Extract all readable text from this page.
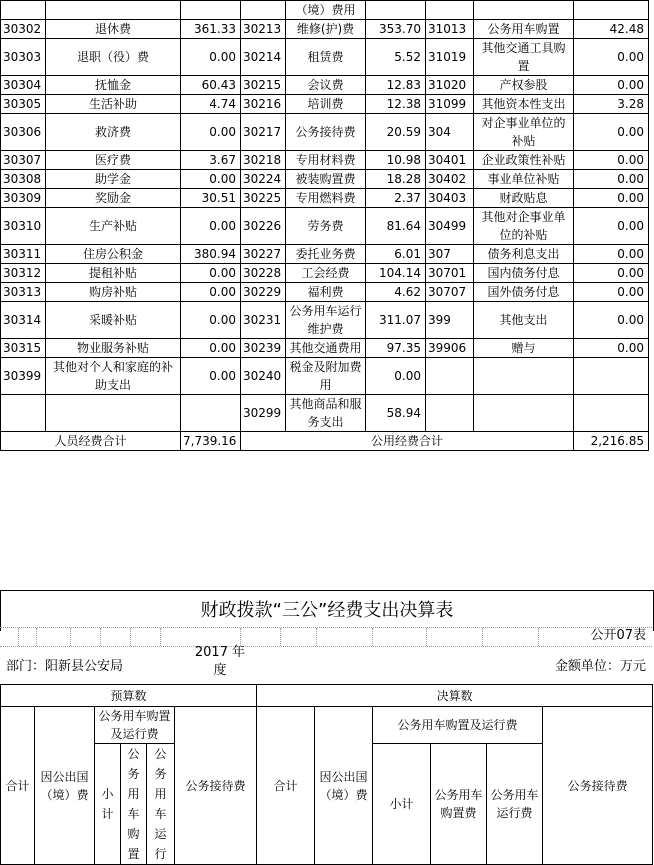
				（境）费用				
30302	退休费	361.33	30213	维修(护)费	353.70	31013	公务用车购置	42.48
30303	退职（役）费	0.00	30214	租赁费	5.52	31019	其他交通工具购置	0.00
30304	抚恤金	60.43	30215	会议费	12.83	31020	产权参股	0.00
30305	生活补助	4.74	30216	培训费	12.38	31099	其他资本性支出	3.28
30306	救济费	0.00	30217	公务接待费	20.59	304	对企事业单位的补贴	0.00
30307	医疗费	3.67	30218	专用材料费	10.98	30401	企业政策性补贴	0.00
30308	助学金	0.00	30224	被装购置费	18.28	30402	事业单位补贴	0.00
30309	奖励金	30.51	30225	专用燃料费	2.37	30403	财政贴息	0.00
30310	生产补贴	0.00	30226	劳务费	81.64	30499	其他对企事业单位的补贴	0.00
30311	住房公积金	380.94	30227	委托业务费	6.01	307	债务利息支出	0.00
30312	提租补贴	0.00	30228	工会经费	104.14	30701	国内债务付息	0.00
30313	购房补贴	0.00	30229	福利费	4.62	30707	国外债务付息	0.00
30314	采暖补贴	0.00	30231	公务用车运行维护费	311.07	399	其他支出	0.00
30315	物业服务补贴	0.00	30239	其他交通费用	97.35	39906	赠与	0.00
30399	其他对个人和家庭的补助支出	0.00	30240	税金及附加费用	0.00			
			30299	其他商品和服务支出	58.94			
人员经费合计		7,739.16	公用经费合计					2,216.85
财政拨款“三公”经费支出决算表
公开07表
部门：阳新县公安局
2017 年度	金额单位：万元
预算数						决算数					
合计	因公出国（境）费	公务用车购置及运行费			公务接待费	合计	因公出国（境）费	公务用车购置及运行费			公务接待费
		小计	公务用车购置	公务用车运行				小计	公务用车购置费	公务用车运行费	
